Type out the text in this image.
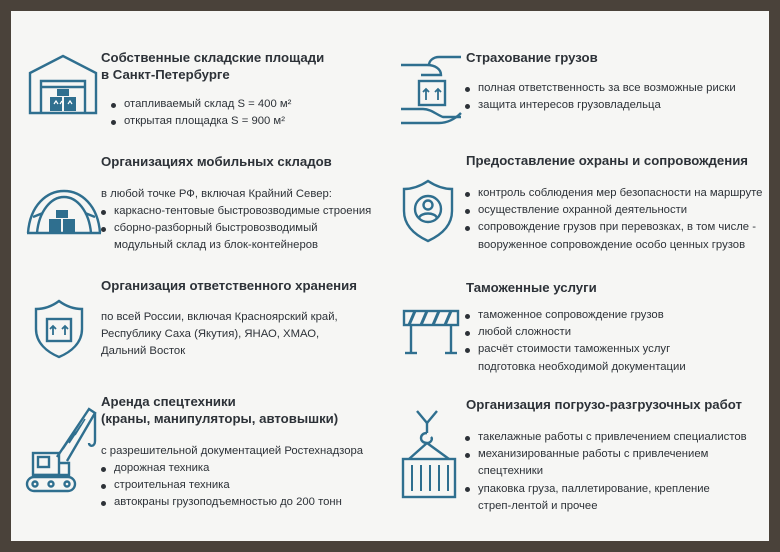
Собственные складские площади
в Санкт-Петербурге
отапливаемый склад S = 400 м²
открытая площадка S = 900 м²
Организациях мобильных складов
в любой точке РФ, включая Крайний Север:
каркасно-тентовые быстровозводимые строения
сборно-разборный быстровозводимый
модульный склад из блок-контейнеров
Организация ответственного хранения
по всей России, включая Красноярский край,
Республику Саха (Якутия), ЯНАО, ХМАО,
Дальний Восток
Аренда спецтехники
(краны, манипуляторы, автовышки)
с разрешительной документацией Ростехнадзора
дорожная техника
строительная техника
автокраны грузоподъемностью до 200 тонн
Страхование грузов
полная ответственность за все возможные риски
защита интересов грузовладельца
Предоставление охраны и сопровождения
контроль соблюдения мер безопасности на маршруте
осуществление охранной деятельности
сопровождение грузов при перевозках, в том числе -
вооруженное сопровождение особо ценных грузов
Таможенные услуги
таможенное сопровождение грузов
любой сложности
расчёт стоимости таможенных услуг
подготовка необходимой документации
Организация погрузо-разгрузочных работ
такелажные работы с привлечением специалистов
механизированные работы с привлечением
спецтехники
упаковка груза, паллетирование, крепление
стреп-лентой и прочее
